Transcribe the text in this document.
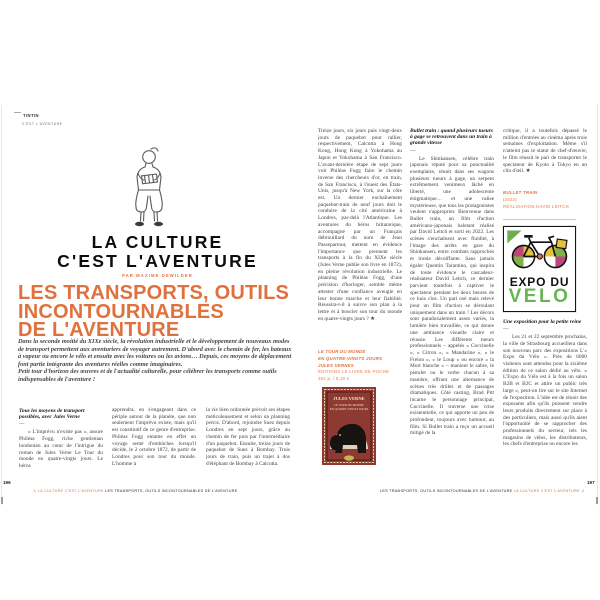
TINTIN
C'EST L'AVENTURE
LA CULTURE
C'EST L'AVENTURE
PAR MAXIME DEWILDER
LES TRANSPORTS, OUTILS
INCONTOURNABLES
DE L'AVENTURE

Dans la seconde moitié du XIXe siècle, la révolution industrielle et le développement de nouveaux modes de transport permettent aux aventuriers de voyager autrement. D'abord avec le chemin de fer, les bateaux à vapeur ou encore le vélo et ensuite avec les voitures ou les avions… Depuis, ces moyens de déplacement font partie intégrante des aventures réelles comme imaginaires.

Petit tour d'horizon des œuvres et de l'actualité culturelle, pour célébrer les transports comme outils indispensables de l'aventure !

Tous les moyens de transport possibles, avec Jules Verne
—
« L'imprévu n'existe pas », assure Philéas Fogg, riche gentleman londonien au cœur de l'intrigue du roman de Jules Verne Le Tour du monde en quatre-vingts jours. Le héros
apprendra, en s'engageant dans ce périple autour de la planète, que non seulement l'imprévu existe, mais qu'il est constitutif de ce genre d'entreprise. Philéas Fogg entame en effet un voyage semé d'embûches lorsqu'il décide, le 2 octobre 1872, de partir de Londres pour son tour du monde. L'homme à
la vie bien ordonnée prévoit ses étapes méticuleusement et selon un planning précis. D'abord, rejoindre Suez depuis Londres en sept jours, grâce au chemin de fer puis par l'intermédiaire d'un paquebot. Ensuite, treize jours de paquebot de Suez à Bombay. Trois jours de train, puis un trajet à dos d'éléphant de Bombay à Calcutta.
Treize jours, six jours puis vingt-deux jours de paquebot pour rallier, respectivement, Calcutta à Hong Kong, Hong Kong à Yokohama au Japon et Yokohama à San Francisco. L'avant-dernière étape de sept jours voit Philéas Fogg faire le chemin inverse des chercheurs d'or, en train, de San Francisco, à l'ouest des États-Unis, jusqu'à New York, sur la côte est. Un dernier enchaînement paquebot-train de neuf jours doit le conduire de la cité américaine à Londres, par-delà l'Atlantique. Les aventures du héros britannique, accompagné par un Français débrouillard du nom de Jean Passepartout, mettent en évidence l'importance que prennent les transports à la fin du XIXe siècle (Jules Verne publie son livre en 1872), en pleine révolution industrielle. Le planning de Philéas Fogg, d'une précision d'horloger, semble même attester d'une confiance aveugle en leur bonne marche et leur fiabilité. Réussira-t-il à suivre son plan à la lettre et à boucler son tour du monde en quatre-vingts jours ? ★
LE TOUR DU MONDE
EN QUATRE-VINGTS JOURS
JULES VERNES
ÉDITIONS LE LIVRE DE POCHE
351 p. / 5,10 €
JULES VERNE
LE TOUR DU MONDE
EN QUATRE-VINGTS JOURS
Bullet train : quand plusieurs tueurs à gage se retrouvent dans un train à grande vitesse
—
Le Shinkansen, célèbre train japonais réputé pour sa ponctualité exemplaire, réunit dans ses wagons plusieurs tueurs à gage, un serpent extrêmement venimeux lâché en liberté, une adolescente énigmatique… et une valise mystérieuse, que tous les protagonistes veulent s'approprier. Bienvenue dans Bullet train, un film d'action américano-japonais haletant réalisé par David Leitch et sorti en 2022. Les scènes s'enchaînent avec fluidité, à l'image des arrêts en gare du Shinkansen, entre combats rapprochés et ironie décoiffante. Sans jamais égaler Quentin Tarantino, qui inspira de toute évidence le cascadeur-réalisateur David Leitch, ce dernier parvient toutefois à captiver le spectateur pendant les deux heures de ce huis clos. Un pari osé mais relevé pour un film d'action se déroulant uniquement dans un train ! Les décors sont paradoxalement assez variés, la lumière bien travaillée, ce qui donne une ambiance visuelle claire et réussie. Les différents tueurs professionnels – appelés « Coccinelle », « Citron », « Mandarine », « le Frelon », « le Loup » ou encore « la Mort blanche » – manient le sabre, le pistolet ou le verbe chacun à sa manière, offrant une alternance de scènes très drôles et de passages dramatiques. Côté casting, Brad Pitt incarne le personnage principal, Coccinelle. Il traverse une crise existentielle, ce qui apporte un peu de profondeur, toujours avec humour, au film. Si Bullet train a reçu un accueil mitigé de la
critique, il a toutefois dépassé le million d'entrées au cinéma après trois semaines d'exploitation. Même s'il n'atteint pas le statut de chef-d'œuvre, le film réussit le pari de transporter le spectateur de Kyoto à Tokyo en un clin d'œil. ★
BULLET TRAIN
(2022)
RÉALISATION DAVID LEITCH
EXPO DU
VELO
Une exposition pour la petite reine
—
Les 21 et 22 septembre prochains, la ville de Strasbourg accueillera dans son nouveau parc des expositions L'« Expo du Vélo ». Près de 6000 visiteurs sont attendus pour la sixième édition de ce salon dédié au vélo. « L'Expo du Vélo est à la fois un salon B2B et B2C et attire un public très large », peut-on lire sur le site Internet de l'exposition. L'idée est de réunir des exposants afin qu'ils puissent vendre leurs produits directement sur place à des particuliers, mais aussi qu'ils aient l'opportunité de se rapprocher des professionnels du secteur, tels les magasins de vélos, les distributeurs, les chefs d'entreprise ou encore les
196
↳ LA CULTURE C'EST L'AVENTURE LES TRANSPORTS, OUTILS INCONTOURNABLES DE L'AVENTURE	LES TRANSPORTS, OUTILS INCONTOURNABLES DE L'AVENTURE LA CULTURE C'EST L'AVENTURE ↲
197
